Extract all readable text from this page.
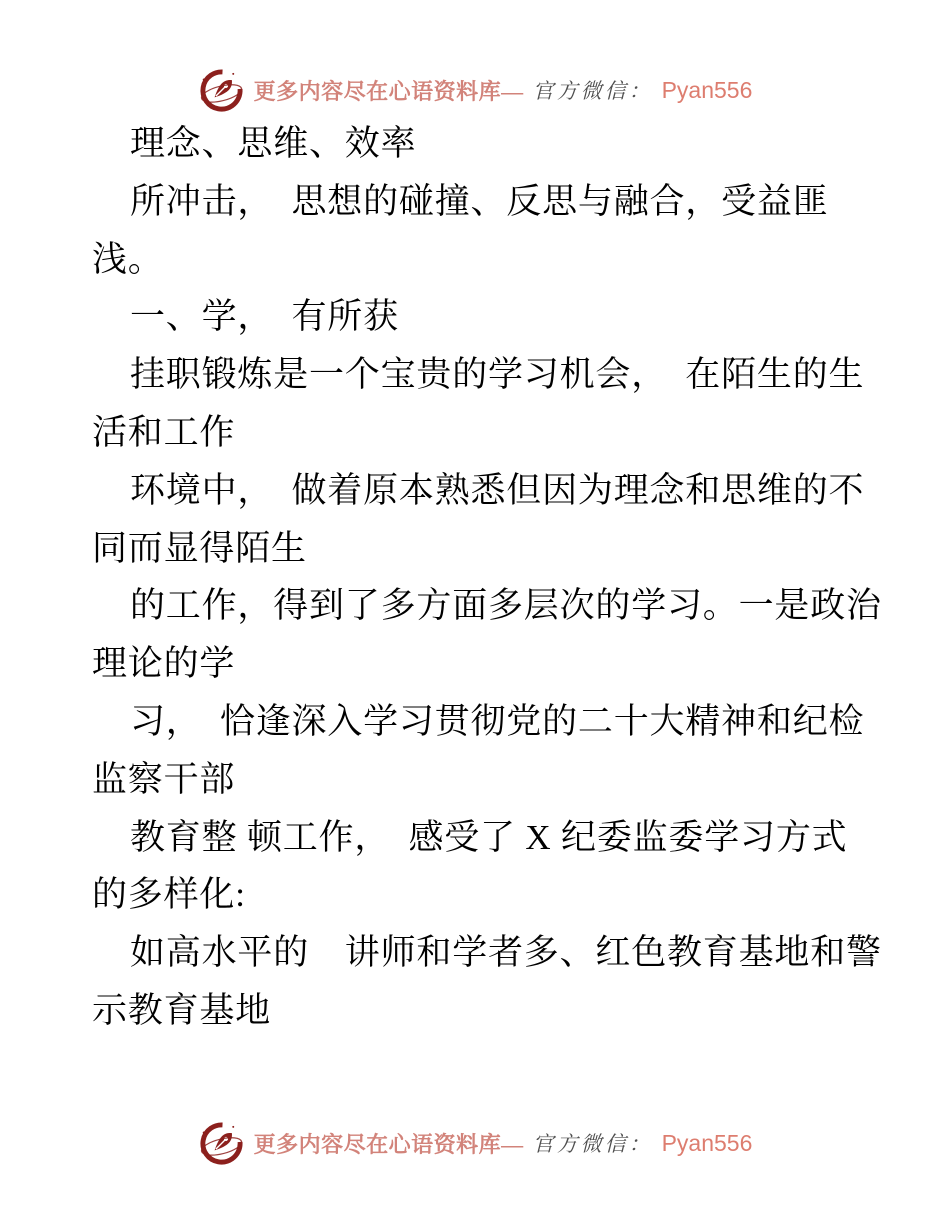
更多内容尽在心语资料库— 官方微信： Pyan556
理念、思维、效率
所冲击，　思想的碰撞、反思与融合，受益匪
浅。
一、学，　有所获
挂职锻炼是一个宝贵的学习机会，　在陌生的生
活和工作
环境中，　做着原本熟悉但因为理念和思维的不
同而显得陌生
的工作，得到了多方面多层次的学习。一是政治
理论的学
习，　恰逢深入学习贯彻党的二十大精神和纪检
监察干部
教育整 顿工作，　感受了 X 纪委监委学习方式
的多样化:
如高水平的　讲师和学者多、红色教育基地和警
示教育基地
更多内容尽在心语资料库— 官方微信： Pyan556
